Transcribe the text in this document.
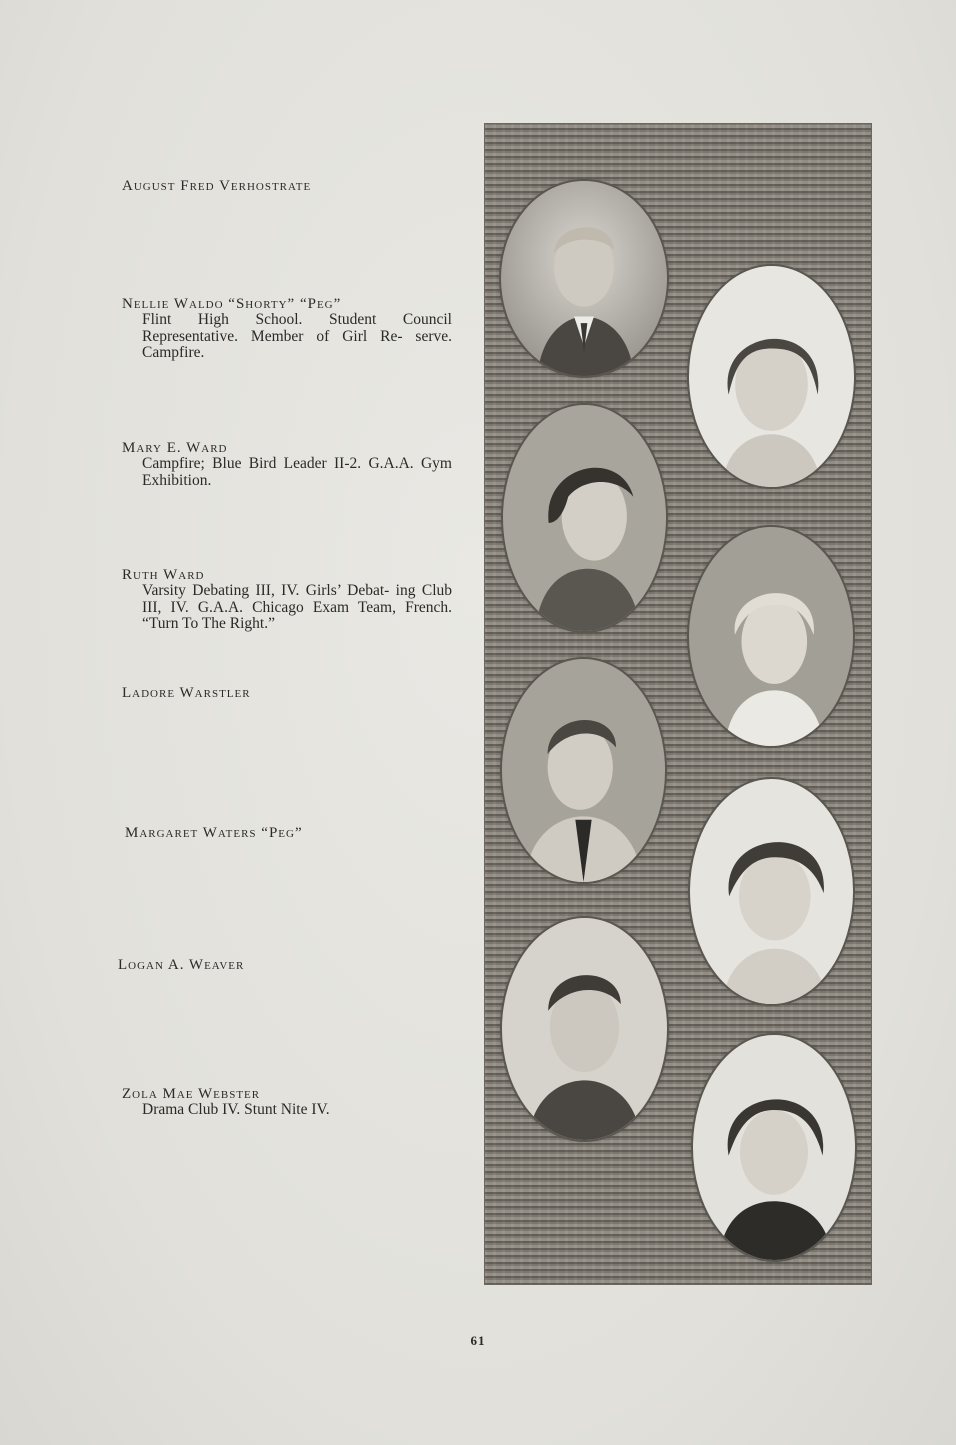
August Fred Verhostrate
Nellie Waldo “Shorty” “Peg”
Flint High School. Student Council Representative. Member of Girl Re- serve. Campfire.
Mary E. Ward
Campfire; Blue Bird Leader II-2. G.A.A. Gym Exhibition.
Ruth Ward
Varsity Debating III, IV. Girls’ Debat- ing Club III, IV. G.A.A. Chicago Exam Team, French. “Turn To The Right.”
Ladore Warstler
Margaret Waters “Peg”
Logan A. Weaver
Zola Mae Webster
Drama Club IV. Stunt Nite IV.
61
